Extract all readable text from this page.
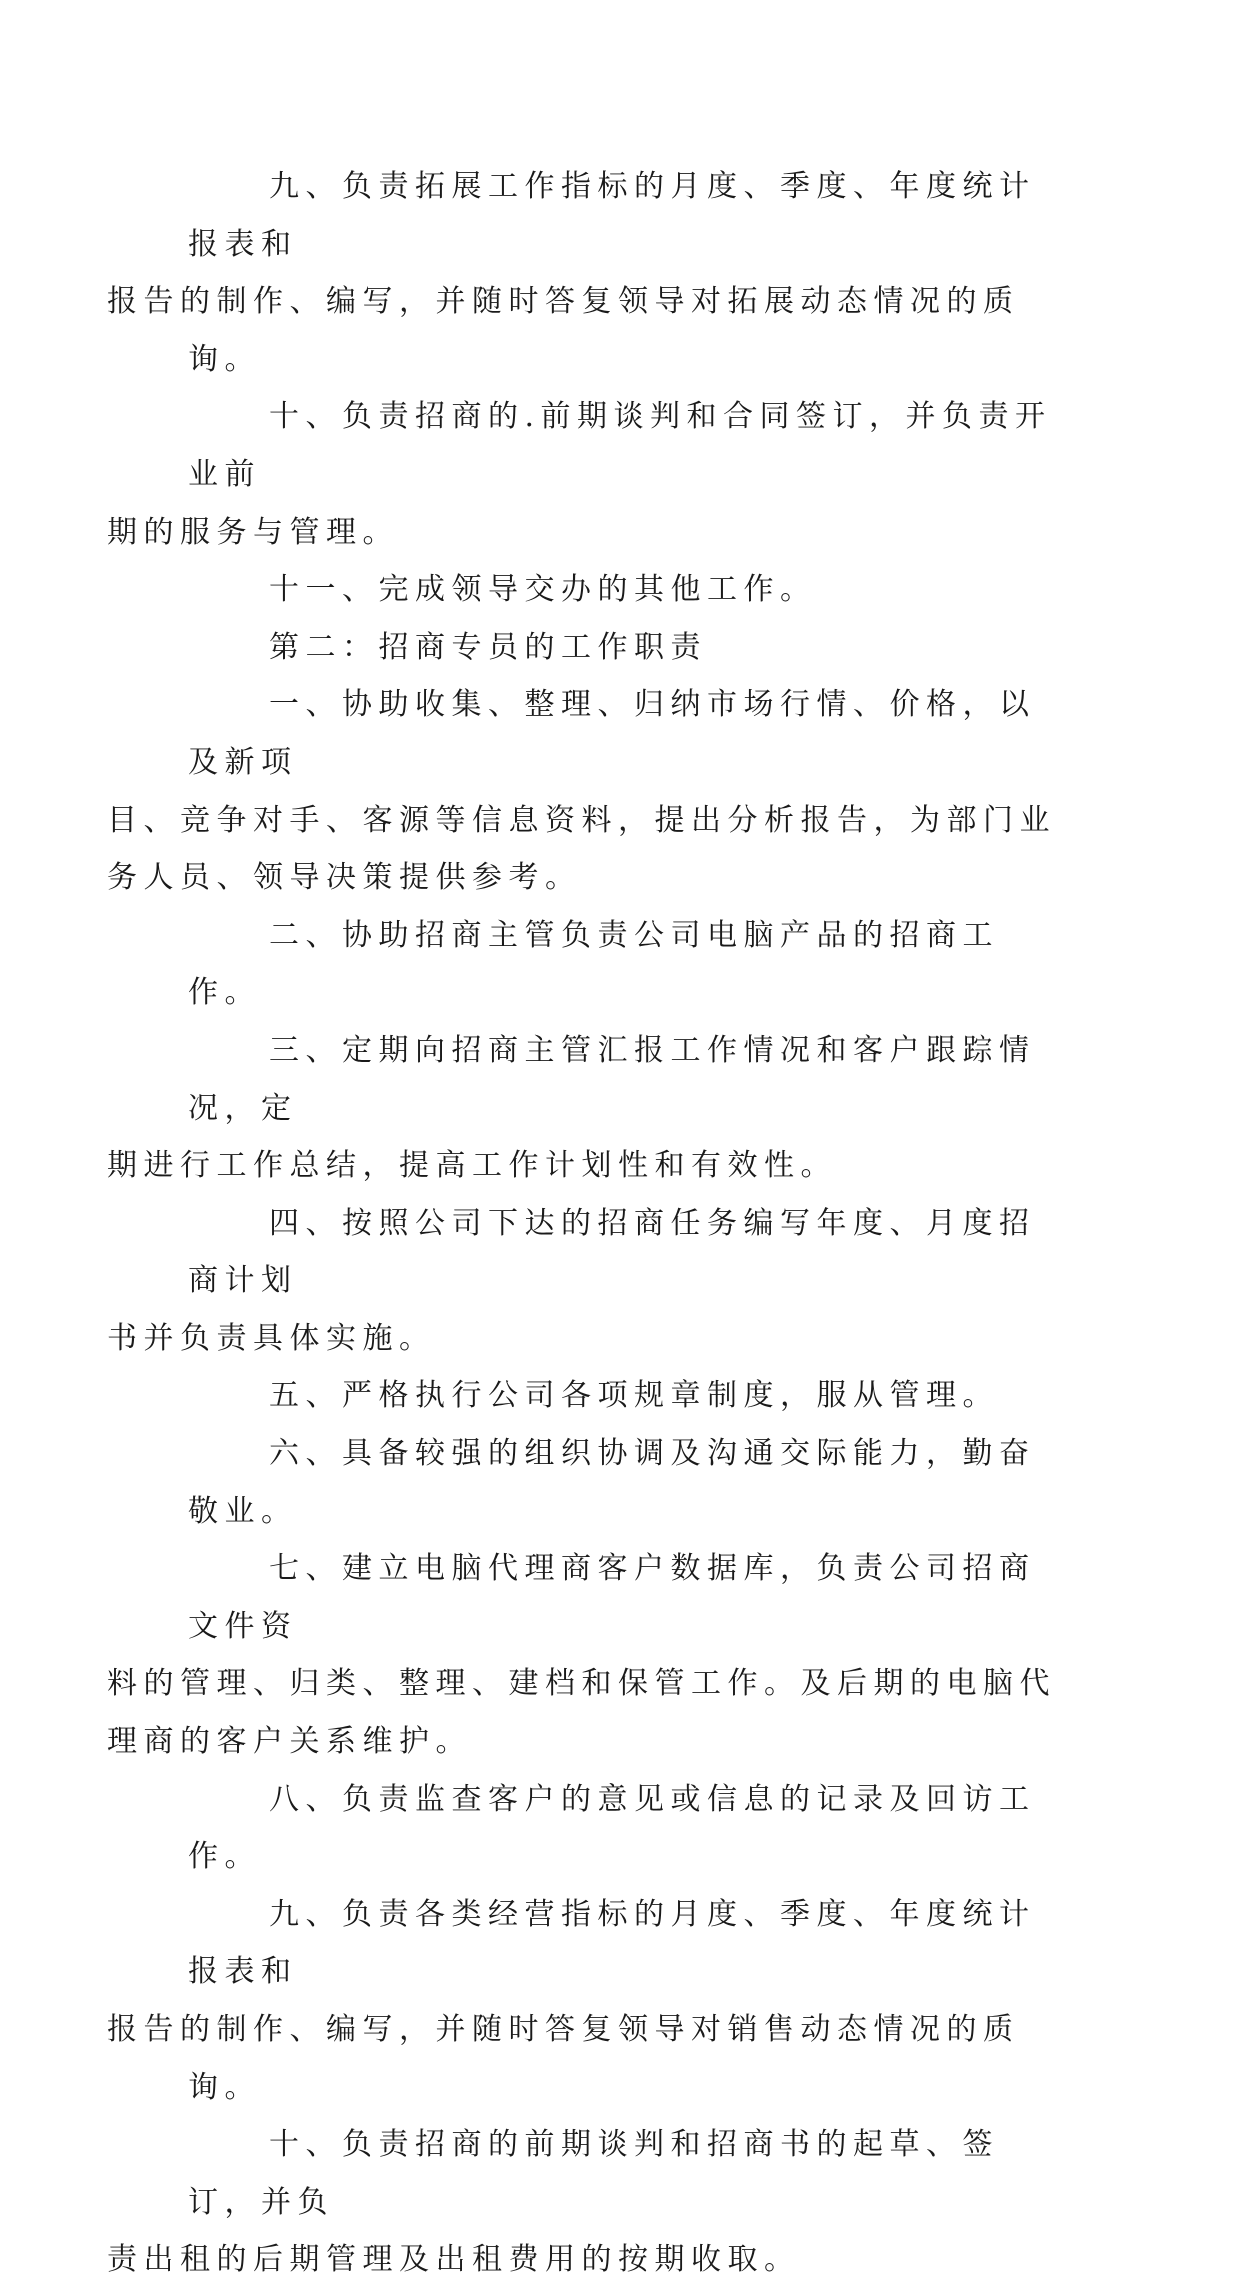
九、负责拓展工作指标的月度、季度、年度统计报表和
报告的制作、编写，并随时答复领导对拓展动态情况的质询。

十、负责招商的.前期谈判和合同签订，并负责开业前
期的服务与管理。

十一、完成领导交办的其他工作。

第二：招商专员的工作职责

一、协助收集、整理、归纳市场行情、价格，以及新项
目、竞争对手、客源等信息资料，提出分析报告，为部门业
务人员、领导决策提供参考。

二、协助招商主管负责公司电脑产品的招商工作。

三、定期向招商主管汇报工作情况和客户跟踪情况，定
期进行工作总结，提高工作计划性和有效性。

四、按照公司下达的招商任务编写年度、月度招商计划
书并负责具体实施。

五、严格执行公司各项规章制度，服从管理。

六、具备较强的组织协调及沟通交际能力，勤奋敬业。

七、建立电脑代理商客户数据库，负责公司招商文件资
料的管理、归类、整理、建档和保管工作。及后期的电脑代
理商的客户关系维护。

八、负责监查客户的意见或信息的记录及回访工作。

九、负责各类经营指标的月度、季度、年度统计报表和
报告的制作、编写，并随时答复领导对销售动态情况的质询。

十、负责招商的前期谈判和招商书的起草、签订，并负
责出租的后期管理及出租费用的按期收取。
